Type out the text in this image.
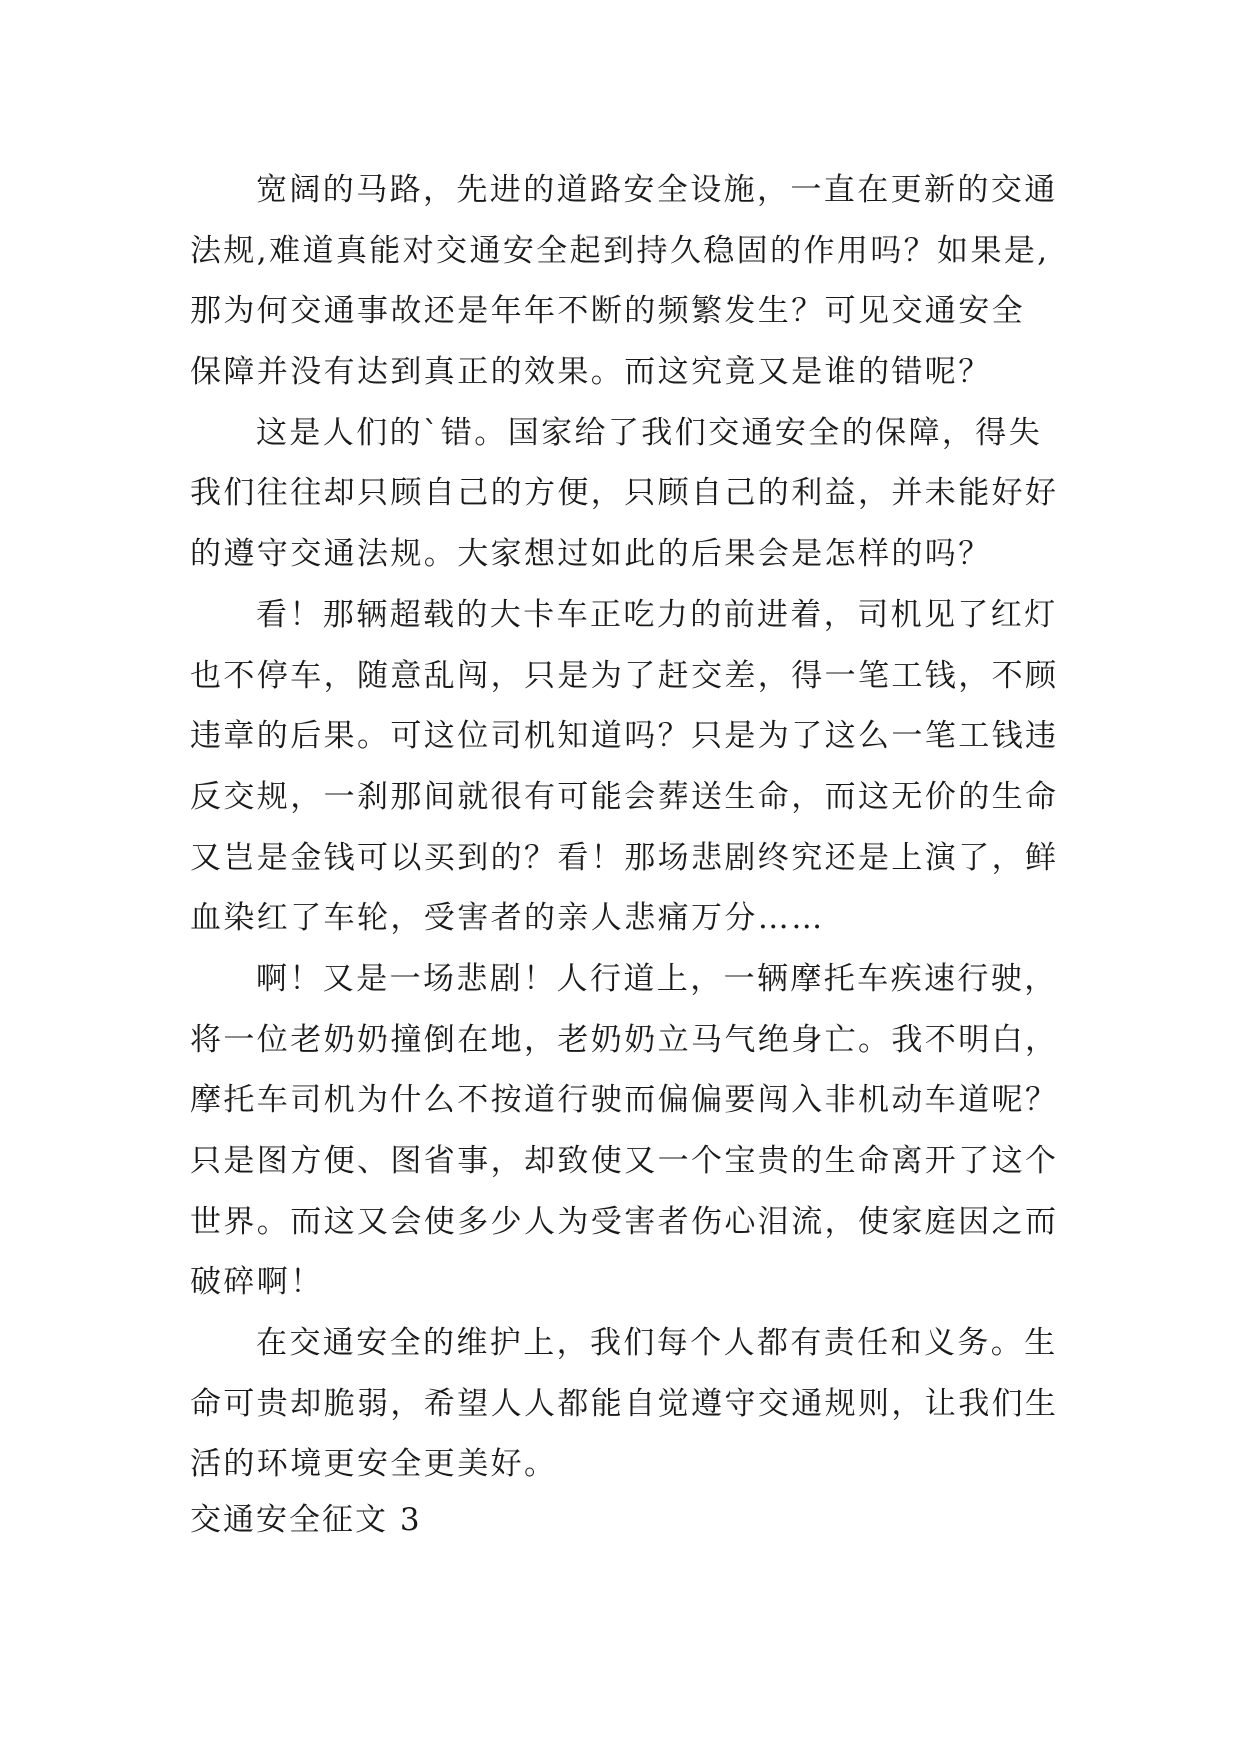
宽阔的马路，先进的道路安全设施，一直在更新的交通
法规,难道真能对交通安全起到持久稳固的作用吗？如果是,
那为何交通事故还是年年不断的频繁发生？可见交通安全
保障并没有达到真正的效果。而这究竟又是谁的错呢？
这是人们的`错。国家给了我们交通安全的保障，得失
我们往往却只顾自己的方便，只顾自己的利益，并未能好好
的遵守交通法规。大家想过如此的后果会是怎样的吗？
看！那辆超载的大卡车正吃力的前进着，司机见了红灯
也不停车，随意乱闯，只是为了赶交差，得一笔工钱，不顾
违章的后果。可这位司机知道吗？只是为了这么一笔工钱违
反交规，一刹那间就很有可能会葬送生命，而这无价的生命
又岂是金钱可以买到的？看！那场悲剧终究还是上演了，鲜
血染红了车轮，受害者的亲人悲痛万分……
啊！又是一场悲剧！人行道上，一辆摩托车疾速行驶，
将一位老奶奶撞倒在地，老奶奶立马气绝身亡。我不明白，
摩托车司机为什么不按道行驶而偏偏要闯入非机动车道呢？
只是图方便、图省事，却致使又一个宝贵的生命离开了这个
世界。而这又会使多少人为受害者伤心泪流，使家庭因之而
破碎啊！
在交通安全的维护上，我们每个人都有责任和义务。生
命可贵却脆弱，希望人人都能自觉遵守交通规则，让我们生
活的环境更安全更美好。
交通安全征文 3
